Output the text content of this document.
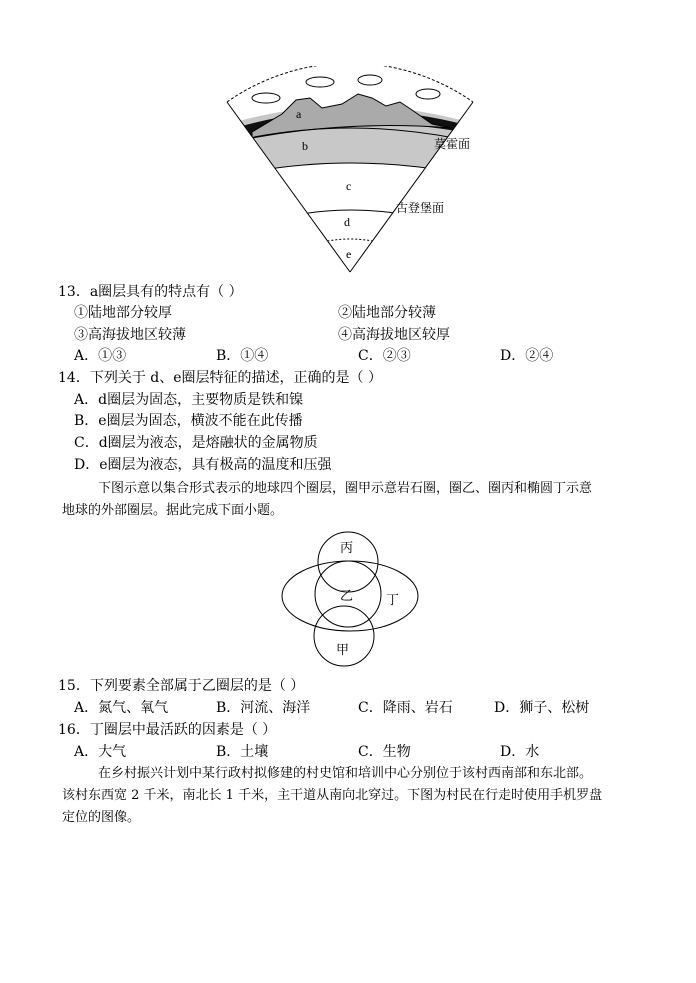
a
b
c
d
e
莫霍面
古登堡面
13．a圈层具有的特点有（ ）
①陆地部分较厚	②陆地部分较薄
③高海拔地区较薄	④高海拔地区较厚
A．①③	B．①④	C．②③	D．②④
14．下列关于 d、e圈层特征的描述，正确的是（ ）
A．d圈层为固态，主要物质是铁和镍
B．e圈层为固态，横波不能在此传播
C．d圈层为液态，是熔融状的金属物质
D．e圈层为液态，具有极高的温度和压强
下图示意以集合形式表示的地球四个圈层，圈甲示意岩石圈，圈乙、圈丙和椭圆丁示意
地球的外部圈层。据此完成下面小题。
丙
乙	丁
甲
15．下列要素全部属于乙圈层的是（ ）
A．氮气、氧气	B．河流、海洋	C．降雨、岩石	D．狮子、松树
16．丁圈层中最活跃的因素是（ ）
A．大气	B．土壤	C．生物	D．水
在乡村振兴计划中某行政村拟修建的村史馆和培训中心分别位于该村西南部和东北部。
该村东西宽 2 千米，南北长 1 千米，主干道从南向北穿过。下图为村民在行走时使用手机罗盘
定位的图像。
